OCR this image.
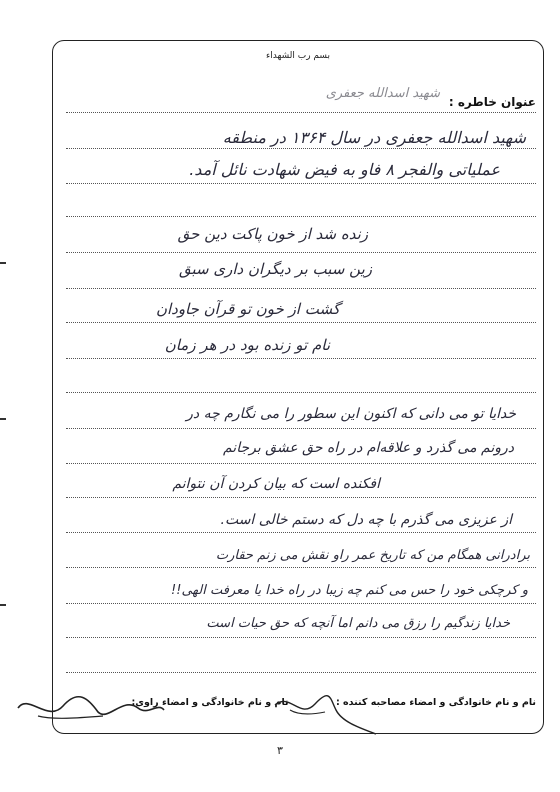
بسم رب الشهداء
عنوان خاطره :
شهید اسدالله جعفری
شهید اسدالله جعفری در سال ۱۳۶۴ در منطقه
عملیاتی والفجر ۸ فاو به فیض شهادت نائل آمد.
زنده شد از خون پاکت دین حق
زین سبب بر دیگران داری سبق
گشت از خون تو قرآن جاودان
نام تو زنده بود در هر زمان
خدایا تو می دانی که اکنون این سطور را می نگارم چه در
درونم می گذرد و علاقه‌ام در راه حق عشق برجانم
افکنده است که بیان کردن آن نتوانم
از عزیزی می گذرم با چه دل که دستم خالی است.
برادرانی همگام من که تاریخ عمر راو نقش می زنم حقارت
و کرچکی خود را حس می کنم چه زیبا در راه خدا یا معرفت الهی!!
خدایا زندگیم را رزق می دانم اما آنچه که حق حیات است
نام و نام خانوادگی و امضاء مصاحبه کننده : نام و نام خانوادگی و امضاء راوی:
۳
